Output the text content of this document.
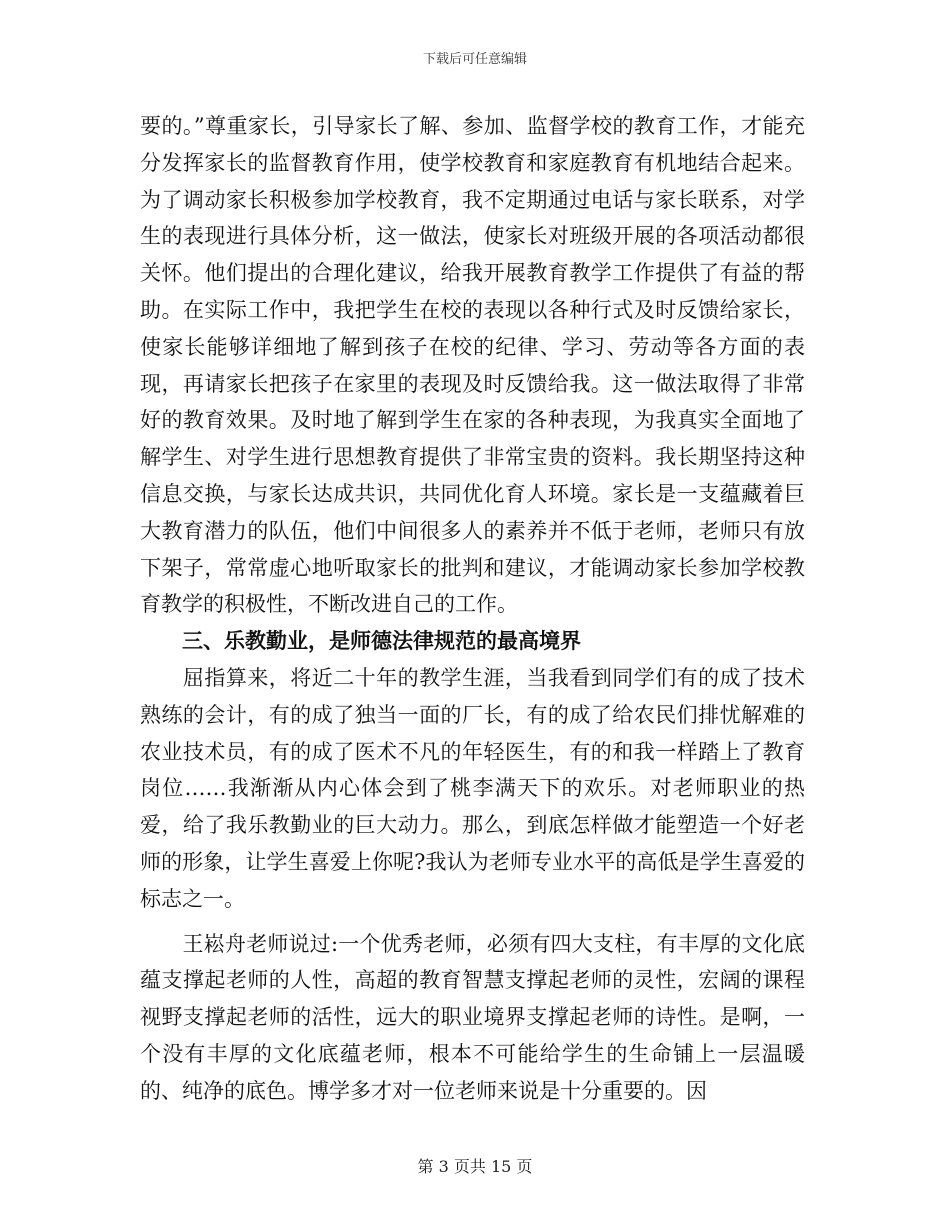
下载后可任意编辑

要的。”尊重家长，引导家长了解、参加、监督学校的教育工作，才能充分发挥家长的监督教育作用，使学校教育和家庭教育有机地结合起来。为了调动家长积极参加学校教育，我不定期通过电话与家长联系，对学生的表现进行具体分析，这一做法，使家长对班级开展的各项活动都很关怀。他们提出的合理化建议，给我开展教育教学工作提供了有益的帮助。在实际工作中，我把学生在校的表现以各种行式及时反馈给家长，使家长能够详细地了解到孩子在校的纪律、学习、劳动等各方面的表现，再请家长把孩子在家里的表现及时反馈给我。这一做法取得了非常好的教育效果。及时地了解到学生在家的各种表现，为我真实全面地了解学生、对学生进行思想教育提供了非常宝贵的资料。我长期坚持这种信息交换，与家长达成共识，共同优化育人环境。家长是一支蕴藏着巨大教育潜力的队伍，他们中间很多人的素养并不低于老师，老师只有放下架子，常常虚心地听取家长的批判和建议，才能调动家长参加学校教育教学的积极性，不断改进自己的工作。

　　三、乐教勤业，是师德法律规范的最高境界

　　屈指算来，将近二十年的教学生涯，当我看到同学们有的成了技术熟练的会计，有的成了独当一面的厂长，有的成了给农民们排忧解难的农业技术员，有的成了医术不凡的年轻医生，有的和我一样踏上了教育岗位……我渐渐从内心体会到了桃李满天下的欢乐。对老师职业的热爱，给了我乐教勤业的巨大动力。那么，到底怎样做才能塑造一个好老师的形象，让学生喜爱上你呢?我认为老师专业水平的高低是学生喜爱的标志之一。

　　王崧舟老师说过:一个优秀老师，必须有四大支柱，有丰厚的文化底蕴支撑起老师的人性，高超的教育智慧支撑起老师的灵性，宏阔的课程视野支撑起老师的活性，远大的职业境界支撑起老师的诗性。是啊，一个没有丰厚的文化底蕴老师，根本不可能给学生的生命铺上一层温暖的、纯净的底色。博学多才对一位老师来说是十分重要的。因

第 3 页共 15 页
